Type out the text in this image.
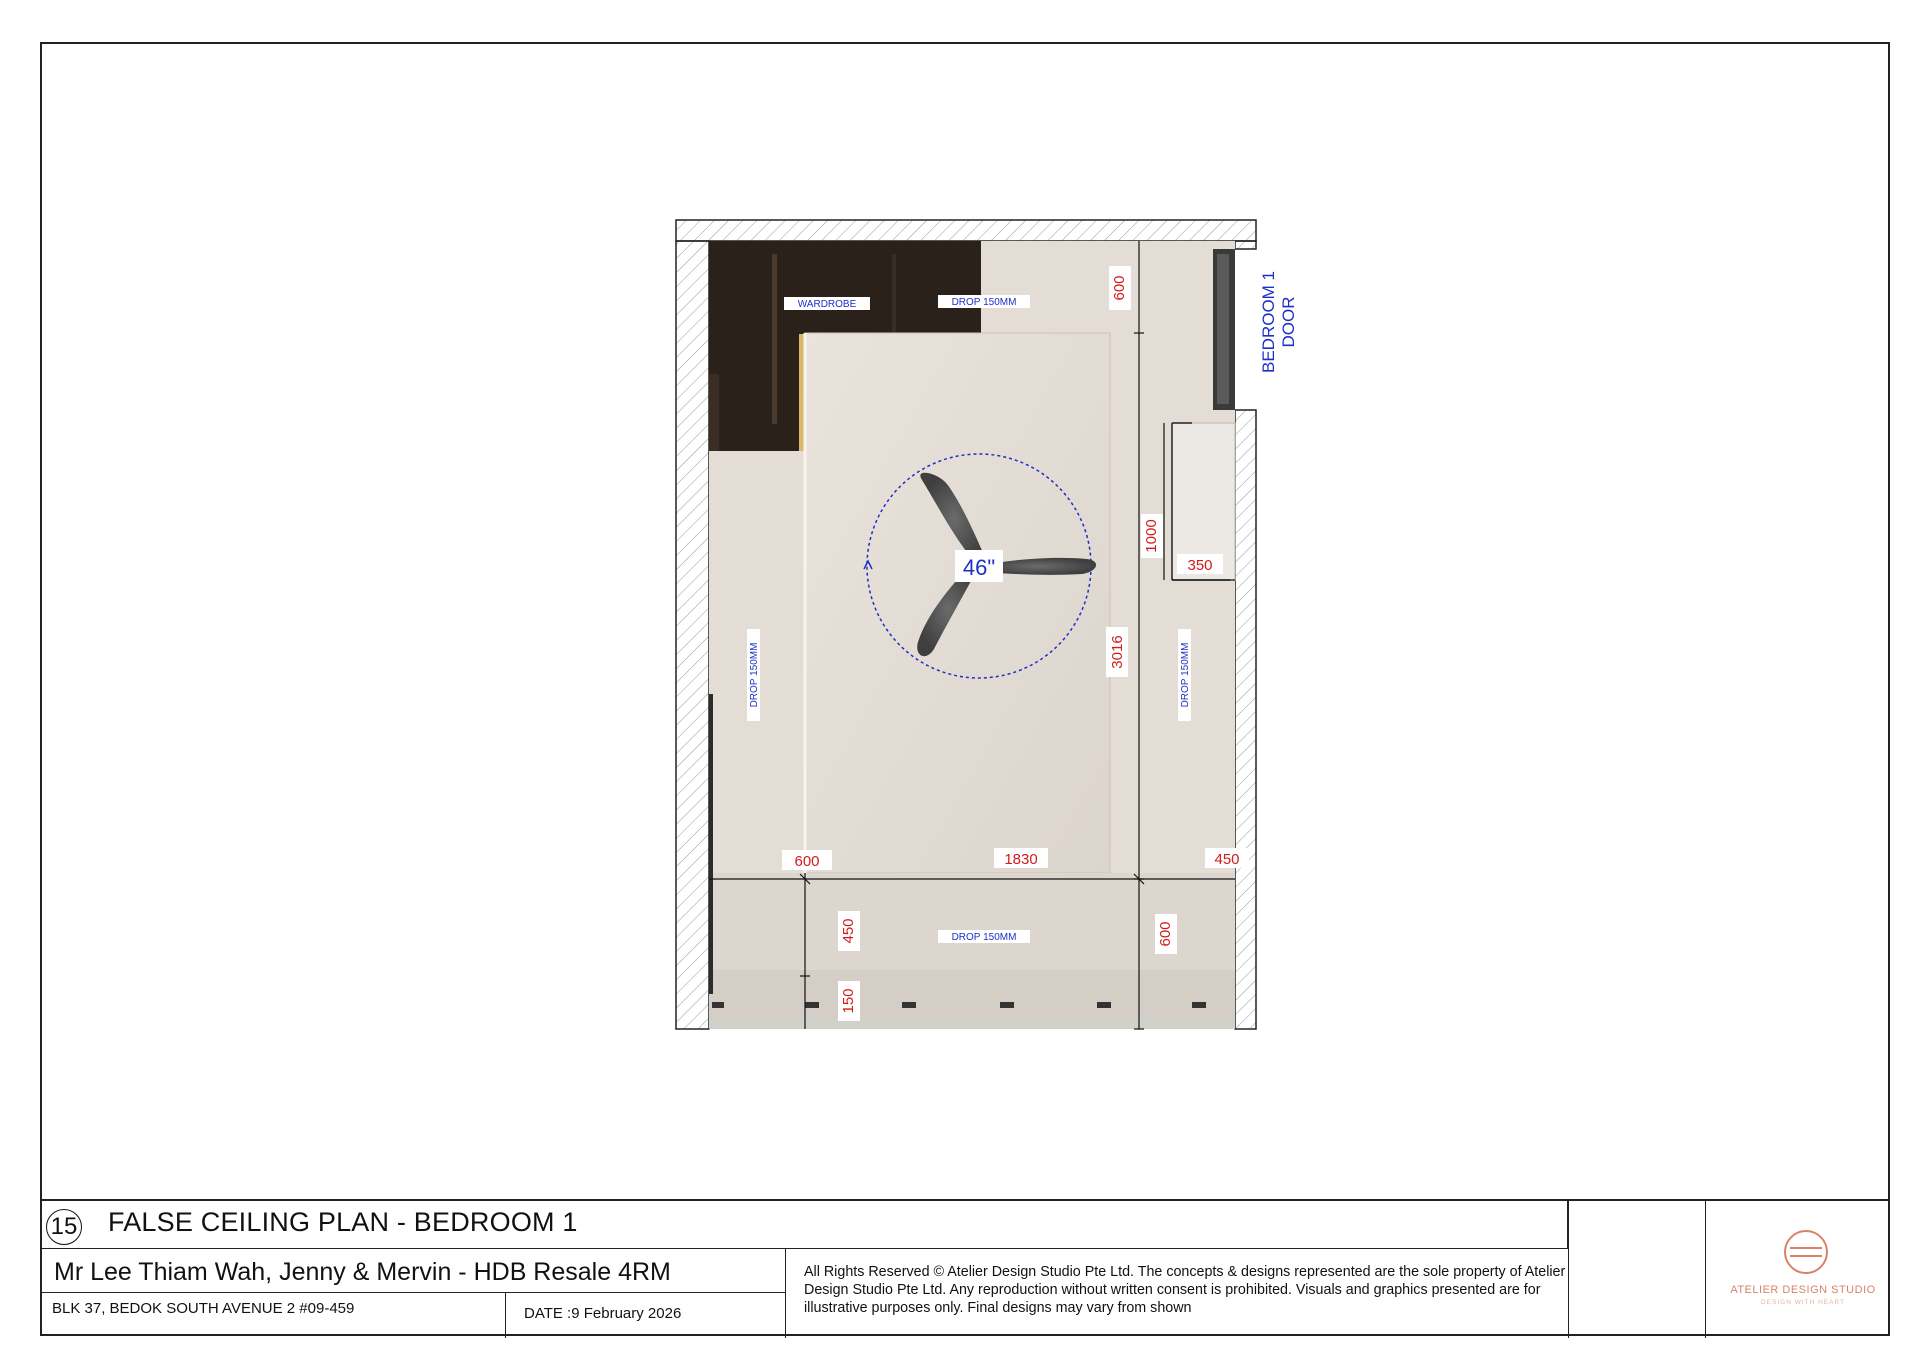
46"
WARDROBE	DROP 150MM
DROP 150MM
DROP 150MM	DROP 150MM
BEDROOM 1 DOOR
600
1000
350
3016
600	1830	450
450
150
600
15 FALSE CEILING PLAN - BEDROOM 1
Mr Lee Thiam Wah, Jenny & Mervin - HDB Resale 4RM
BLK 37, BEDOK SOUTH AVENUE 2 #09-459	DATE :9 February 2026
All Rights Reserved © Atelier Design Studio Pte Ltd. The concepts & designs represented are the sole property of Atelier Design Studio Pte Ltd. Any reproduction without written consent is prohibited. Visuals and graphics presented are for illustrative purposes only. Final designs may vary from shown
ATELIER DESIGN STUDIO
DESIGN WITH HEART
